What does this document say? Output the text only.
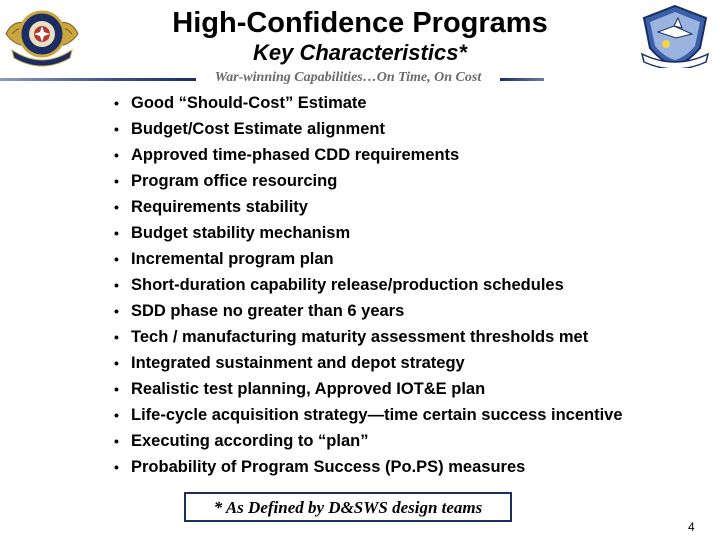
High-Confidence Programs
Key Characteristics*
War-winning Capabilities…On Time, On Cost
• Good “Should-Cost” Estimate
• Budget/Cost Estimate alignment
• Approved time-phased CDD requirements
• Program office resourcing
• Requirements stability
• Budget stability mechanism
• Incremental program plan
• Short-duration capability release/production schedules
• SDD phase no greater than 6 years
• Tech / manufacturing maturity assessment thresholds met
• Integrated sustainment and depot strategy
• Realistic test planning, Approved IOT&E plan
• Life-cycle acquisition strategy—time certain success incentive
• Executing according to “plan”
• Probability of Program Success (Po.PS) measures
* As Defined by D&SWS design teams
4
